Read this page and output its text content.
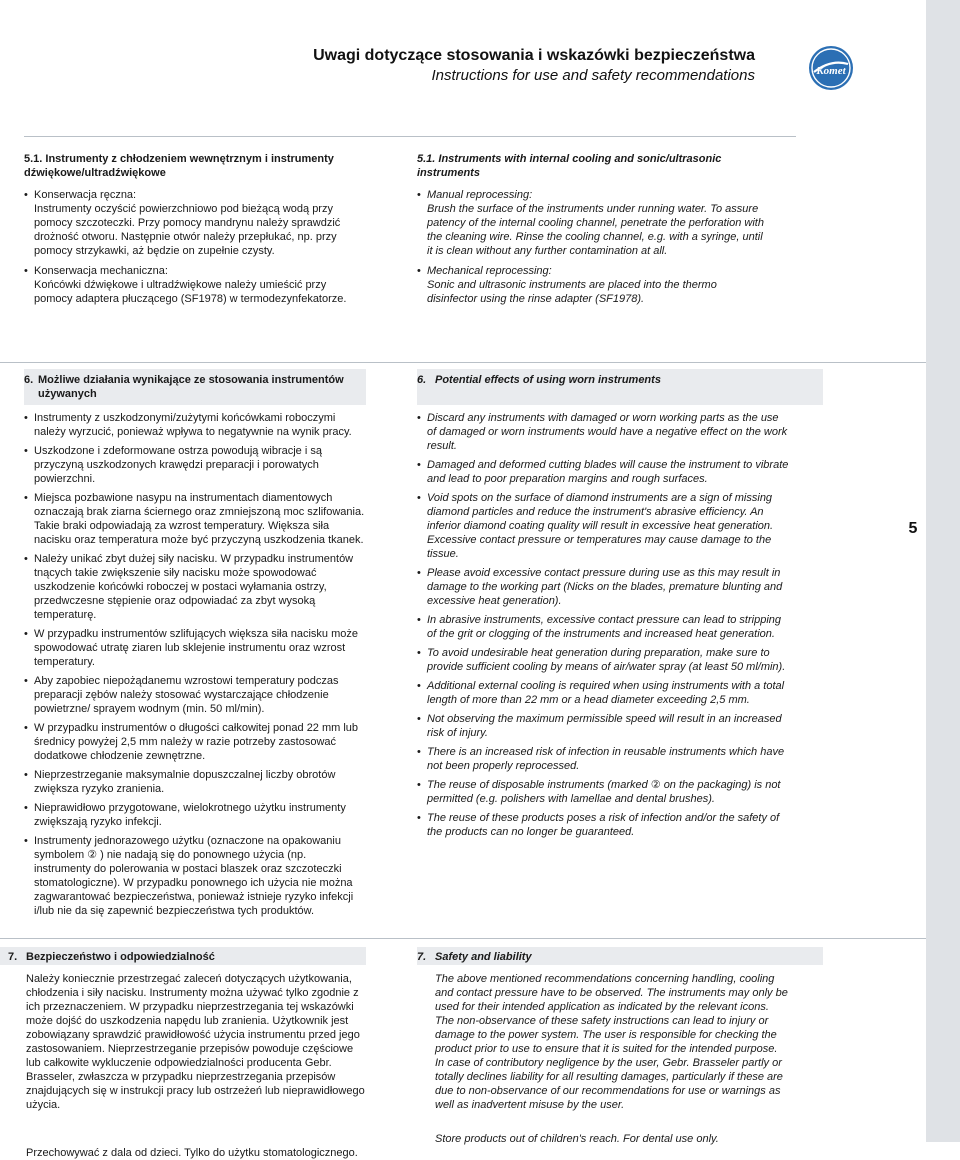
5
Uwagi dotyczące stosowania i wskazówki bezpieczeństwa
Instructions for use and safety recommendations	Komet
5.1. Instrumenty z chłodzeniem wewnętrznym i instrumenty dźwiękowe/ultradźwiękowe
• Konserwacja ręczna:

Instrumenty oczyścić powierzchniowo pod bieżącą wodą przy pomocy szczoteczki. Przy pomocy mandrynu należy sprawdzić drożność otworu. Następnie otwór należy przepłukać, np. przy pomocy strzykawki, aż będzie on zupełnie czysty.

• Konserwacja mechaniczna:

Końcówki dźwiękowe i ultradźwiękowe należy umieścić przy pomocy adaptera płuczącego (SF1978) w termodezynfekatorze.

5.1. Instruments with internal cooling and sonic/ultrasonic instruments
• Manual reprocessing:

Brush the surface of the instruments under running water. To assure patency of the internal cooling channel, penetrate the perforation with the cleaning wire. Rinse the cooling channel, e.g. with a syringe, until it is clean without any further contamination at all.

• Mechanical reprocessing:

Sonic and ultrasonic instruments are placed into the thermo disinfector using the rinse adapter (SF1978).

6. Możliwe działania wynikające ze stosowania instrumentów używanych
• Instrumenty z uszkodzonymi/zużytymi końcówkami roboczymi należy wyrzucić, ponieważ wpływa to negatywnie na wynik pracy.
• Uszkodzone i zdeformowane ostrza powodują wibracje i są przyczyną uszkodzonych krawędzi preparacji i porowatych powierzchni.
• Miejsca pozbawione nasypu na instrumentach diamentowych oznaczają brak ziarna ściernego oraz zmniejszoną moc szlifowania. Takie braki odpowiadają za wzrost temperatury. Większa siła nacisku oraz temperatura może być przyczyną uszkodzenia tkanek.
• Należy unikać zbyt dużej siły nacisku. W przypadku instrumentów tnących takie zwiększenie siły nacisku może spowodować uszkodzenie końcówki roboczej w postaci wyłamania ostrzy, przedwczesne stępienie oraz odpowiadać za zbyt wysoką temperaturę.
• W przypadku instrumentów szlifujących większa siła nacisku może spowodować utratę ziaren lub sklejenie instrumentu oraz wzrost temperatury.
• Aby zapobiec niepożądanemu wzrostowi temperatury podczas preparacji zębów należy stosować wystarczające chłodzenie powietrzne/ sprayem wodnym (min. 50 ml/min).
• W przypadku instrumentów o długości całkowitej ponad 22 mm lub średnicy powyżej 2,5 mm należy w razie potrzeby zastosować dodatkowe chłodzenie zewnętrzne.
• Nieprzestrzeganie maksymalnie dopuszczalnej liczby obrotów zwiększa ryzyko zranienia.
• Nieprawidłowo przygotowane, wielokrotnego użytku instrumenty zwiększają ryzyko infekcji.
• Instrumenty jednorazowego użytku (oznaczone na opakowaniu symbolem ② ) nie nadają się do ponownego użycia (np. instrumenty do polerowania w postaci blaszek oraz szczoteczki stomatologiczne). W przypadku ponownego ich użycia nie można zagwarantować bezpieczeństwa, ponieważ istnieje ryzyko infekcji i/lub nie da się zapewnić bezpieczeństwa tych produktów.
6. Potential effects of using worn instruments
• Discard any instruments with damaged or worn working parts as the use of damaged or worn instruments would have a negative effect on the work result.
• Damaged and deformed cutting blades will cause the instrument to vibrate and lead to poor preparation margins and rough surfaces.
• Void spots on the surface of diamond instruments are a sign of missing diamond particles and reduce the instrument's abrasive efficiency. An inferior diamond coating quality will result in excessive heat generation. Excessive contact pressure or temperatures may cause damage to the tissue.
• Please avoid excessive contact pressure during use as this may result in damage to the working part (Nicks on the blades, premature blunting and excessive heat generation).
• In abrasive instruments, excessive contact pressure can lead to stripping of the grit or clogging of the instruments and increased heat generation.
• To avoid undesirable heat generation during preparation, make sure to provide sufficient cooling by means of air/water spray (at least 50 ml/min).
• Additional external cooling is required when using instruments with a total length of more than 22 mm or a head diameter exceeding 2,5 mm.
• Not observing the maximum permissible speed will result in an increased risk of injury.
• There is an increased risk of infection in reusable instruments which have not been properly reprocessed.
• The reuse of disposable instruments (marked ② on the packaging) is not permitted (e.g. polishers with lamellae and dental brushes).
• The reuse of these products poses a risk of infection and/or the safety of the products can no longer be guaranteed.
7. Bezpieczeństwo i odpowiedzialność

Należy koniecznie przestrzegać zaleceń dotyczących użytkowania, chłodzenia i siły nacisku. Instrumenty można używać tylko zgodnie z ich przeznaczeniem. W przypadku nieprzestrzegania tej wskazówki może dojść do uszkodzenia napędu lub zranienia. Użytkownik jest zobowiązany sprawdzić prawidłowość użycia instrumentu przed jego zastosowaniem. Nieprzestrzeganie przepisów powoduje częściowe lub całkowite wykluczenie odpowiedzialności producenta Gebr. Brasseler, zwłaszcza w przypadku nieprzestrzegania przepisów znajdujących się w instrukcji pracy lub ostrzeżeń lub nieprawidłowego użycia.

Przechowywać z dala od dzieci. Tylko do użytku stomatologicznego.

7. Safety and liability

The above mentioned recommendations concerning handling, cooling and contact pressure have to be observed. The instruments may only be used for their intended application as indicated by the relevant icons. The non-observance of these safety instructions can lead to injury or damage to the power system. The user is responsible for checking the product prior to use to ensure that it is suited for the intended purpose. In case of contributory negligence by the user, Gebr. Brasseler partly or totally declines liability for all resulting damages, particularly if these are due to non-observance of our recommendations for use or warnings as well as inadvertent misuse by the user.

Store products out of children's reach. For dental use only.
